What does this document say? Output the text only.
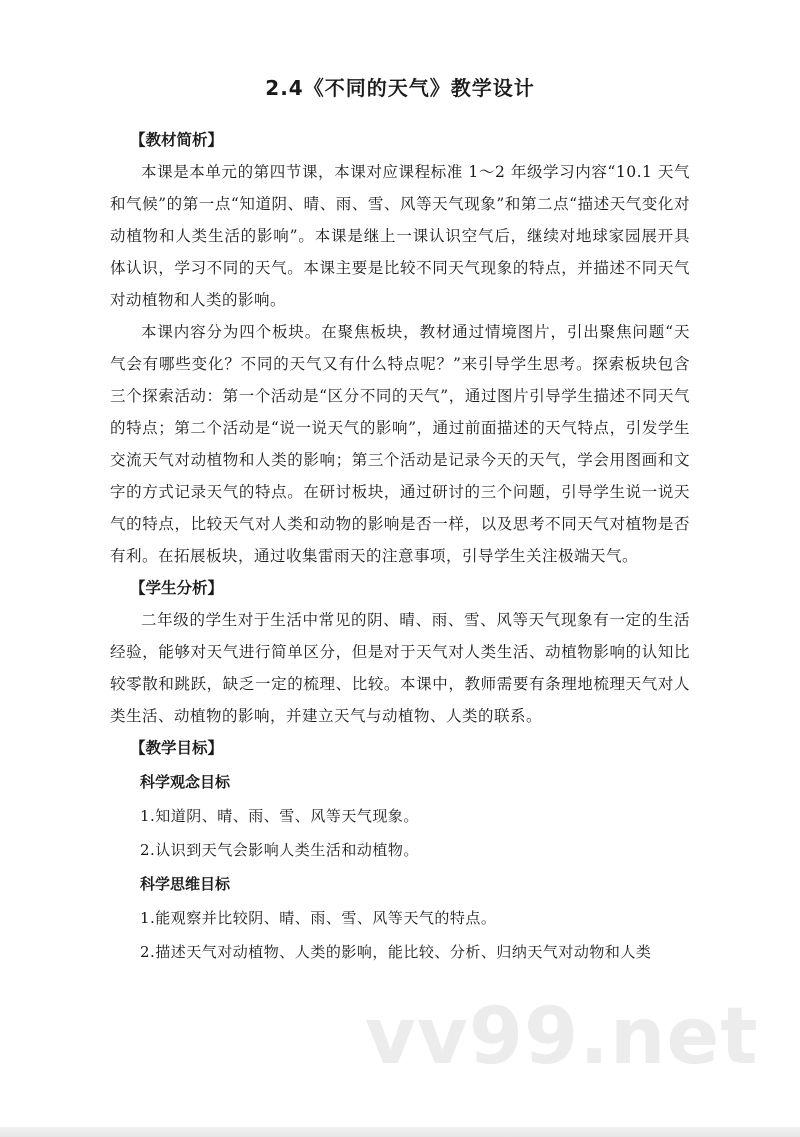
2.4《不同的天气》教学设计

【教材简析】

本课是本单元的第四节课，本课对应课程标准 1～2 年级学习内容“10.1 天气和气候”的第一点“知道阴、晴、雨、雪、风等天气现象”和第二点“描述天气变化对动植物和人类生活的影响”。本课是继上一课认识空气后，继续对地球家园展开具体认识，学习不同的天气。本课主要是比较不同天气现象的特点，并描述不同天气对动植物和人类的影响。

本课内容分为四个板块。在聚焦板块，教材通过情境图片，引出聚焦问题“天气会有哪些变化？不同的天气又有什么特点呢？”来引导学生思考。探索板块包含三个探索活动：第一个活动是“区分不同的天气”，通过图片引导学生描述不同天气的特点；第二个活动是“说一说天气的影响”，通过前面描述的天气特点，引发学生交流天气对动植物和人类的影响；第三个活动是记录今天的天气，学会用图画和文字的方式记录天气的特点。在研讨板块，通过研讨的三个问题，引导学生说一说天气的特点，比较天气对人类和动物的影响是否一样，以及思考不同天气对植物是否有利。在拓展板块，通过收集雷雨天的注意事项，引导学生关注极端天气。

【学生分析】

二年级的学生对于生活中常见的阴、晴、雨、雪、风等天气现象有一定的生活经验，能够对天气进行简单区分，但是对于天气对人类生活、动植物影响的认知比较零散和跳跃，缺乏一定的梳理、比较。本课中，教师需要有条理地梳理天气对人类生活、动植物的影响，并建立天气与动植物、人类的联系。

【教学目标】

科学观念目标

1.知道阴、晴、雨、雪、风等天气现象。

2.认识到天气会影响人类生活和动植物。

科学思维目标

1.能观察并比较阴、晴、雨、雪、风等天气的特点。

2.描述天气对动植物、人类的影响，能比较、分析、归纳天气对动物和人类

vv99.net
